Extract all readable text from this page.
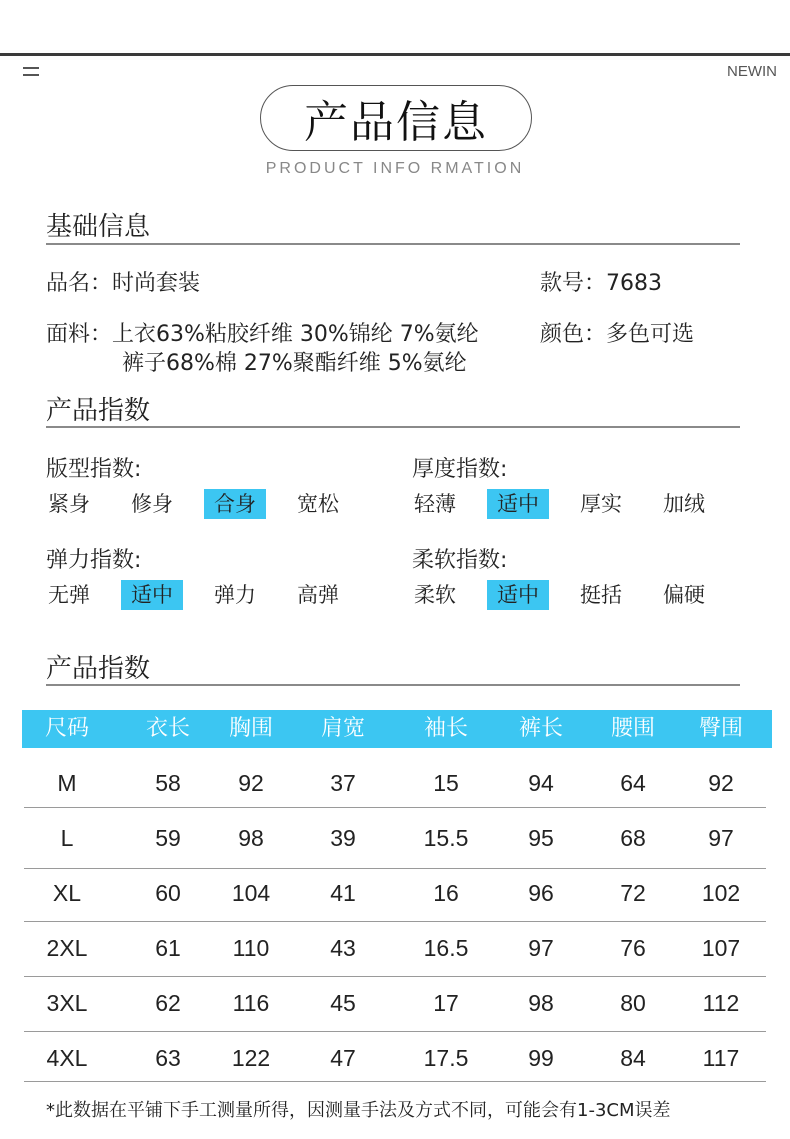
NEWIN
产品信息
PRODUCT INFO RMATION
基础信息
品名：时尚套装	款号：7683
面料：上衣63%粘胶纤维 30%锦纶 7%氨纶	颜色：多色可选
裤子68%棉 27%聚酯纤维 5%氨纶
产品指数
版型指数:
紧身	修身	合身	宽松
厚度指数:
轻薄	适中	厚实	加绒
弹力指数:
无弹	适中	弹力	高弹
柔软指数:
柔软	适中	挺括	偏硬
产品指数
尺码	衣长	胸围	肩宽	袖长	裤长	腰围	臀围
M	58	92	37	15	94	64	92
L	59	98	39	15.5	95	68	97
XL	60	104	41	16	96	72	102
2XL	61	110	43	16.5	97	76	107
3XL	62	116	45	17	98	80	112
4XL	63	122	47	17.5	99	84	117
*此数据在平铺下手工测量所得，因测量手法及方式不同，可能会有1-3CM误差
